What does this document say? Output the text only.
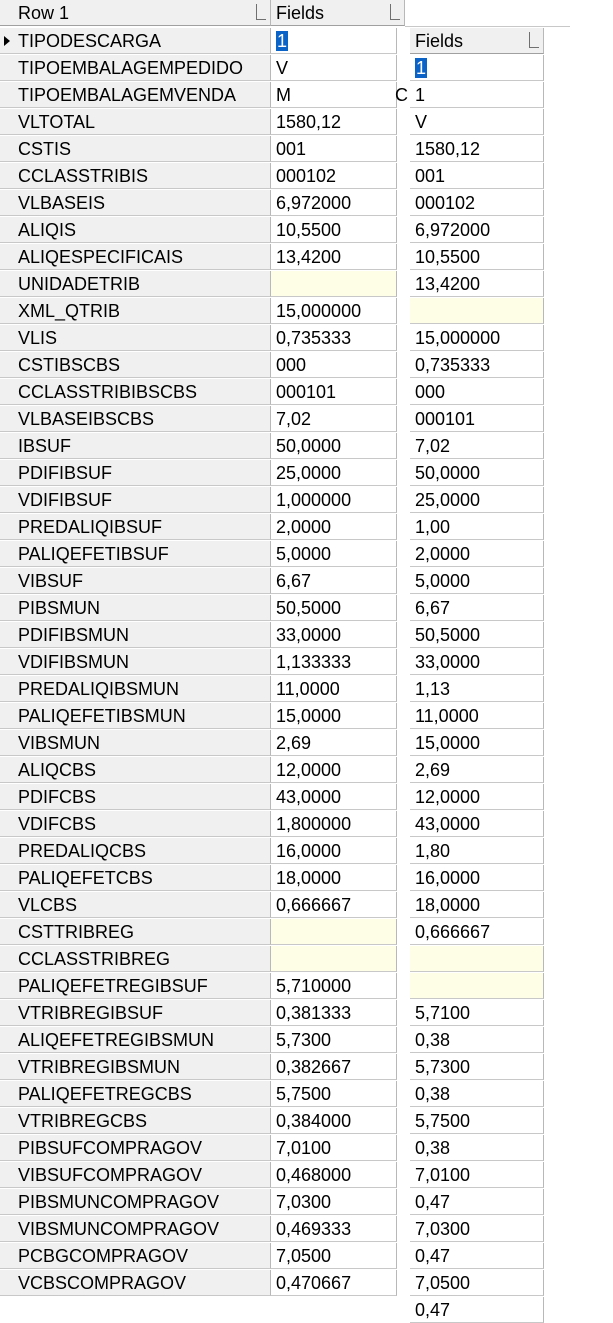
Row 1	Fields
TIPODESCARGA	1
TIPOEMBALAGEMPEDIDO	V
TIPOEMBALAGEMVENDA	M
VLTOTAL	1580,12
CSTIS	001
CCLASSTRIBIS	000102
VLBASEIS	6,972000
ALIQIS	10,5500
ALIQESPECIFICAIS	13,4200
UNIDADETRIB
XML_QTRIB	15,000000
VLIS	0,735333
CSTIBSCBS	000
CCLASSTRIBIBSCBS	000101
VLBASEIBSCBS	7,02
IBSUF	50,0000
PDIFIBSUF	25,0000
VDIFIBSUF	1,000000
PREDALIQIBSUF	2,0000
PALIQEFETIBSUF	5,0000
VIBSUF	6,67
PIBSMUN	50,5000
PDIFIBSMUN	33,0000
VDIFIBSMUN	1,133333
PREDALIQIBSMUN	11,0000
PALIQEFETIBSMUN	15,0000
VIBSMUN	2,69
ALIQCBS	12,0000
PDIFCBS	43,0000
VDIFCBS	1,800000
PREDALIQCBS	16,0000
PALIQEFETCBS	18,0000
VLCBS	0,666667
CSTTRIBREG
CCLASSTRIBREG
PALIQEFETREGIBSUF	5,710000
VTRIBREGIBSUF	0,381333
ALIQEFETREGIBSMUN	5,7300
VTRIBREGIBSMUN	0,382667
PALIQEFETREGCBS	5,7500
VTRIBREGCBS	0,384000
PIBSUFCOMPRAGOV	7,0100
VIBSUFCOMPRAGOV	0,468000
PIBSMUNCOMPRAGOV	7,0300
VIBSMUNCOMPRAGOV	0,469333
PCBGCOMPRAGOV	7,0500
VCBSCOMPRAGOV	0,470667
C
Fields
1
1
V
1580,12
001
000102
6,972000
10,5500
13,4200
15,000000
0,735333
000
000101
7,02
50,0000
25,0000
1,00
2,0000
5,0000
6,67
50,5000
33,0000
1,13
11,0000
15,0000
2,69
12,0000
43,0000
1,80
16,0000
18,0000
0,666667
5,7100
0,38
5,7300
0,38
5,7500
0,38
7,0100
0,47
7,0300
0,47
7,0500
0,47
